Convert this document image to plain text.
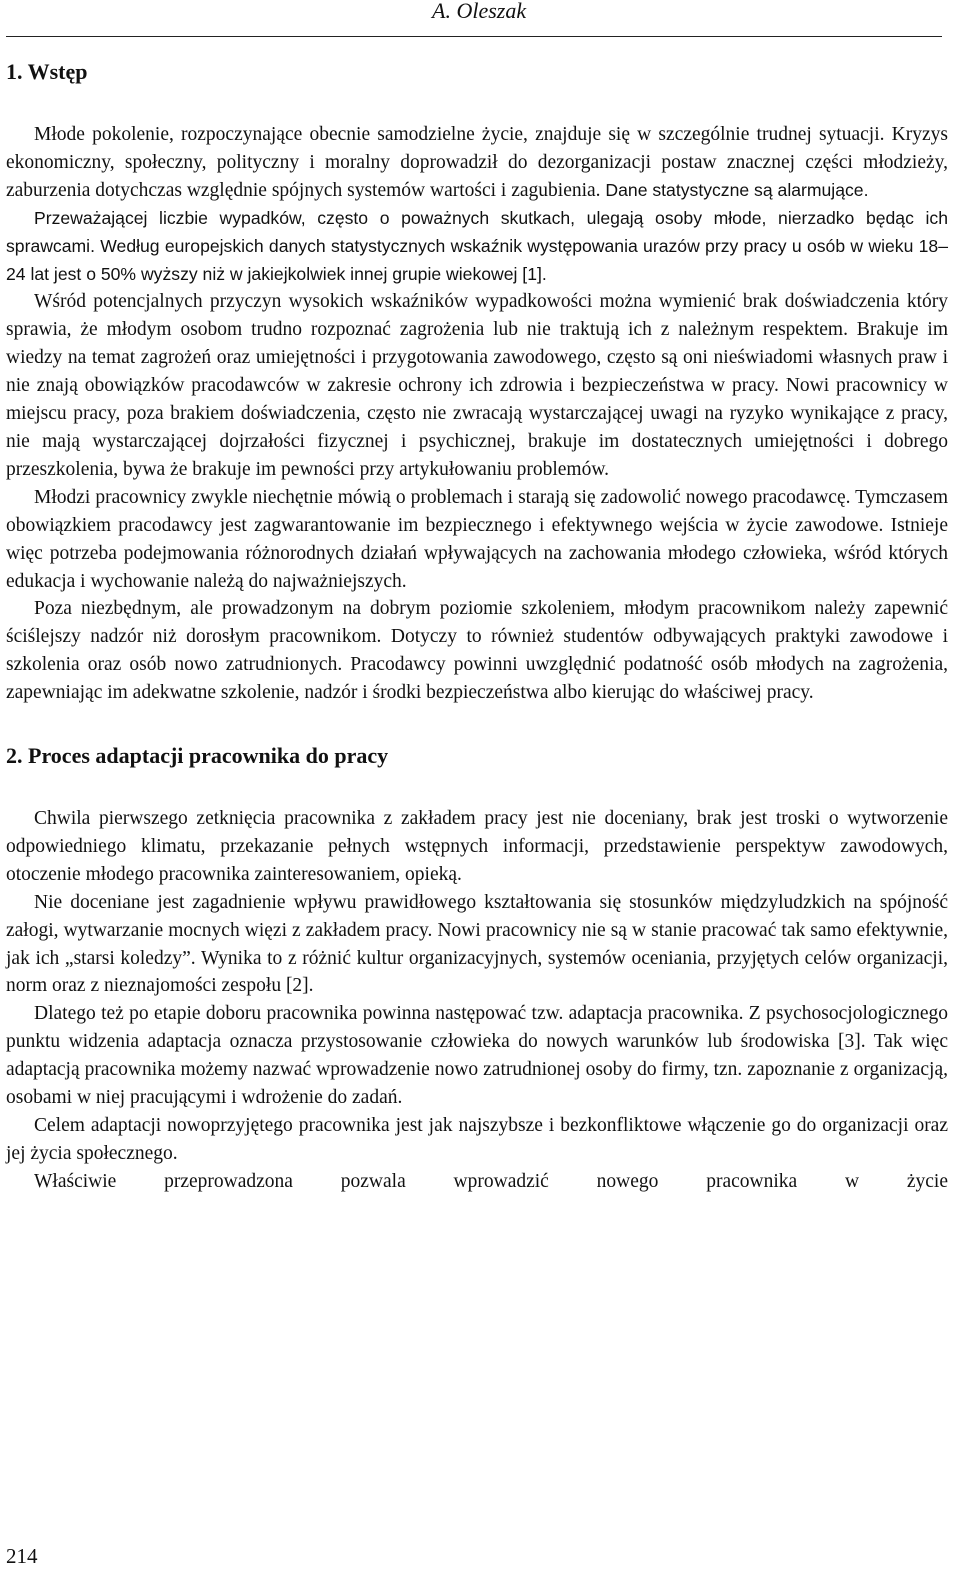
A. Oleszak
1. Wstęp

Młode pokolenie, rozpoczynające obecnie samodzielne życie, znajduje się w szczególnie trudnej sytuacji. Kryzys ekonomiczny, społeczny, polityczny i moralny doprowadził do dezorganizacji postaw znacznej części młodzieży, zaburzenia dotychczas względnie spójnych systemów wartości i zagubienia. Dane statystyczne są alarmujące.

Przeważającej liczbie wypadków, często o poważnych skutkach, ulegają osoby młode, nierzadko będąc ich sprawcami. Według europejskich danych statystycznych wskaźnik występowania urazów przy pracy u osób w wieku 18–24 lat jest o 50% wyższy niż w jakiejkolwiek innej grupie wiekowej [1].

Wśród potencjalnych przyczyn wysokich wskaźników wypadkowości można wymienić brak doświadczenia który sprawia, że młodym osobom trudno rozpoznać zagrożenia lub nie traktują ich z należnym respektem. Brakuje im wiedzy na temat zagrożeń oraz umiejętności i przygotowania zawodowego, często są oni nieświadomi własnych praw i nie znają obowiązków pracodawców w zakresie ochrony ich zdrowia i bezpieczeństwa w pracy. Nowi pracownicy w miejscu pracy, poza brakiem doświadczenia, często nie zwracają wystarczającej uwagi na ryzyko wynikające z pracy, nie mają wystarczającej dojrzałości fizycznej i psychicznej, brakuje im dostatecznych umiejętności i dobrego przeszkolenia, bywa że brakuje im pewności przy artykułowaniu problemów.

Młodzi pracownicy zwykle niechętnie mówią o problemach i starają się zadowolić nowego pracodawcę. Tymczasem obowiązkiem pracodawcy jest zagwarantowanie im bezpiecznego i efektywnego wejścia w życie zawodowe. Istnieje więc potrzeba podejmowania różnorodnych działań wpływających na zachowania młodego człowieka, wśród których edukacja i wychowanie należą do najważniejszych.

Poza niezbędnym, ale prowadzonym na dobrym poziomie szkoleniem, młodym pracownikom należy zapewnić ściślejszy nadzór niż dorosłym pracownikom. Dotyczy to również studentów odbywających praktyki zawodowe i szkolenia oraz osób nowo zatrudnionych. Pracodawcy powinni uwzględnić podatność osób młodych na zagrożenia, zapewniając im adekwatne szkolenie, nadzór i środki bezpieczeństwa albo kierując do właściwej pracy.

2. Proces adaptacji pracownika do pracy

Chwila pierwszego zetknięcia pracownika z zakładem pracy jest nie doceniany, brak jest troski o wytworzenie odpowiedniego klimatu, przekazanie pełnych wstępnych informacji, przedstawienie perspektyw zawodowych, otoczenie młodego pracownika zainteresowaniem, opieką.

Nie doceniane jest zagadnienie wpływu prawidłowego kształtowania się stosunków międzyludzkich na spójność załogi, wytwarzanie mocnych więzi z zakładem pracy. Nowi pracownicy nie są w stanie pracować tak samo efektywnie, jak ich „starsi koledzy”. Wynika to z różnić kultur organizacyjnych, systemów oceniania, przyjętych celów organizacji, norm oraz z nieznajomości zespołu [2].

Dlatego też po etapie doboru pracownika powinna następować tzw. adaptacja pracownika. Z psychosocjologicznego punktu widzenia adaptacja oznacza przystosowanie człowieka do nowych warunków lub środowiska [3]. Tak więc adaptacją pracownika możemy nazwać wprowadzenie nowo zatrudnionej osoby do firmy, tzn. zapoznanie z organizacją, osobami w niej pracującymi i wdrożenie do zadań.

Celem adaptacji nowoprzyjętego pracownika jest jak najszybsze i bezkonfliktowe włączenie go do organizacji oraz jej życia społecznego.

Właściwie przeprowadzona pozwala wprowadzić nowego pracownika w życie

214
